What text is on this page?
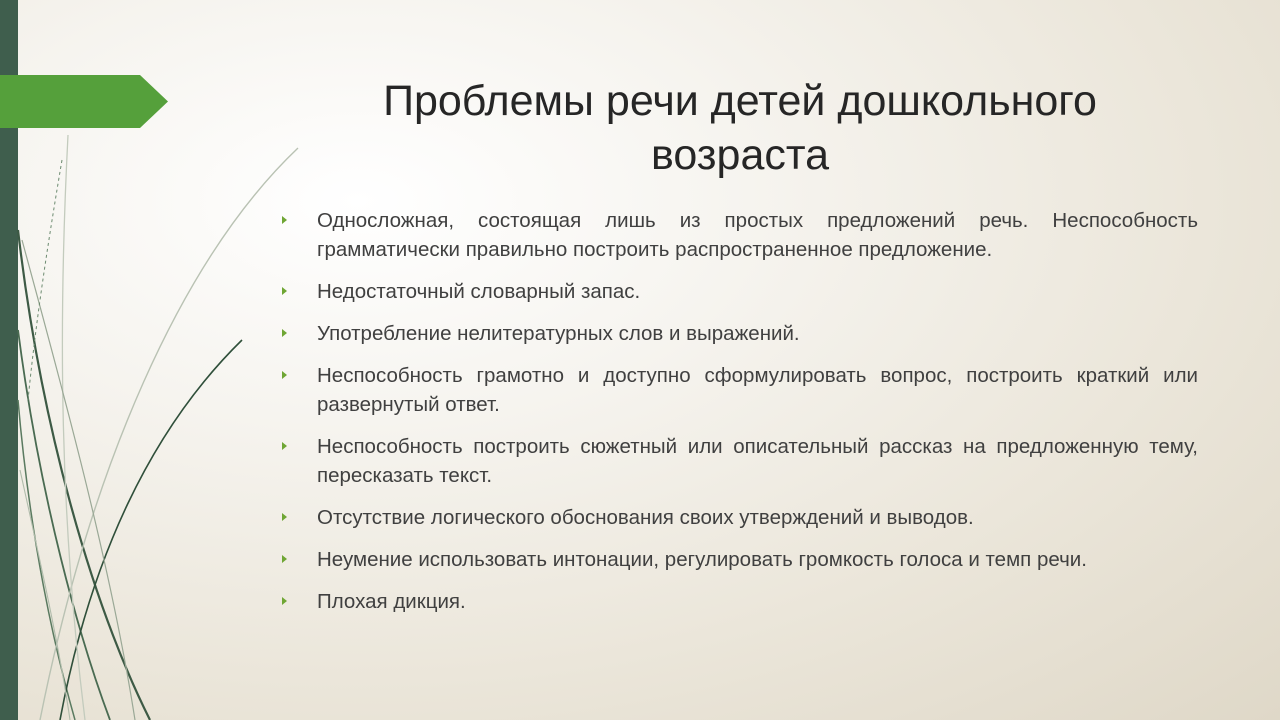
Проблемы речи детей дошкольного возраста
Односложная, состоящая лишь из простых предложений речь. Неспособность грамматически правильно построить распространенное предложение.
Недостаточный словарный запас.
Употребление нелитературных слов и выражений.
Неспособность грамотно и доступно сформулировать вопрос, построить краткий или развернутый ответ.
Неспособность построить сюжетный или описательный рассказ на предложенную тему, пересказать текст.
Отсутствие логического обоснования своих утверждений и выводов.
Неумение использовать интонации, регулировать громкость голоса и темп речи.
Плохая дикция.
